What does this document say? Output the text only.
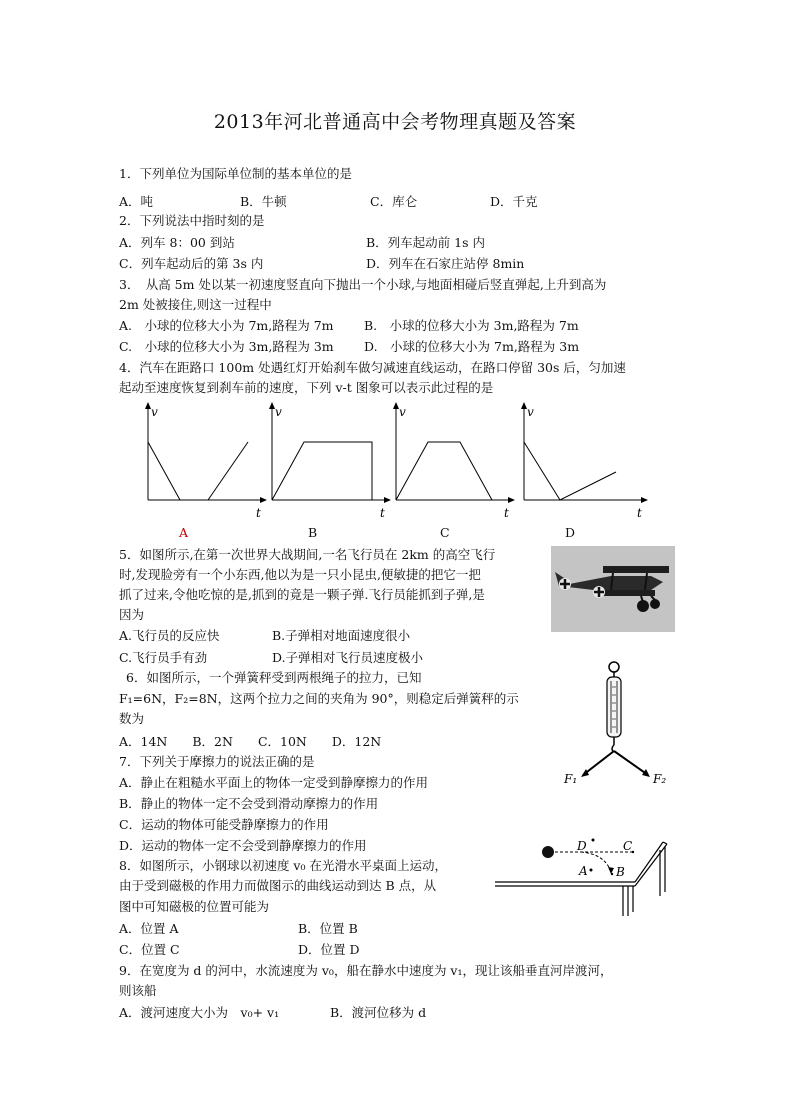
2013年河北普通高中会考物理真题及答案
1．下列单位为国际单位制的基本单位的是
A．吨	B．牛顿	C．库仑	D．千克
2．下列说法中指时刻的是
A．列车 8：00 到站	B．列车起动前 1s 内
C．列车起动后的第 3s 内	D．列车在石家庄站停 8min
3．　从高 5m 处以某一初速度竖直向下抛出一个小球,与地面相碰后竖直弹起,上升到高为
2m 处被接住,则这一过程中
A.　小球的位移大小为 7m,路程为 7m B.　小球的位移大小为 3m,路程为 7m
C.　小球的位移大小为 3m,路程为 3m D.　小球的位移大小为 7m,路程为 3m
4．汽车在距路口 100m 处遇红灯开始刹车做匀减速直线运动，在路口停留 30s 后，匀加速
起动至速度恢复到刹车前的速度，下列 v-t 图象可以表示此过程的是
v
t
v
t
v
t
v
t
A	B	C	D
5．如图所示,在第一次世界大战期间,一名飞行员在 2km 的高空飞行
时,发现脸旁有一个小东西,他以为是一只小昆虫,便敏捷的把它一把
抓了过来,令他吃惊的是,抓到的竟是一颗子弹.飞行员能抓到子弹,是
因为
A.飞行员的反应快	B.子弹相对地面速度很小
C.飞行员手有劲	D.子弹相对飞行员速度极小
6．如图所示，一个弹簧秤受到两根绳子的拉力，已知
F₁=6N，F₂=8N，这两个拉力之间的夹角为 90°，则稳定后弹簧秤的示
数为
A．14N　　B．2N　　C．10N　　D．12N
F₁	F₂
7．下列关于摩擦力的说法正确的是
A．静止在粗糙水平面上的物体一定受到静摩擦力的作用
B．静止的物体一定不会受到滑动摩擦力的作用
C．运动的物体可能受静摩擦力的作用
D．运动的物体一定不会受到静摩擦力的作用
8．如图所示，小钢球以初速度 v₀ 在光滑水平桌面上运动，
由于受到磁极的作用力而做图示的曲线运动到达 B 点，从
图中可知磁极的位置可能为
A．位置 A	B．位置 B
C．位置 C	D．位置 D
D	C
A B
9．在宽度为 d 的河中，水流速度为 v₀，船在静水中速度为 v₁，现让该船垂直河岸渡河，
则该船
A．渡河速度大小为　v₀+ v₁	B．渡河位移为 d
